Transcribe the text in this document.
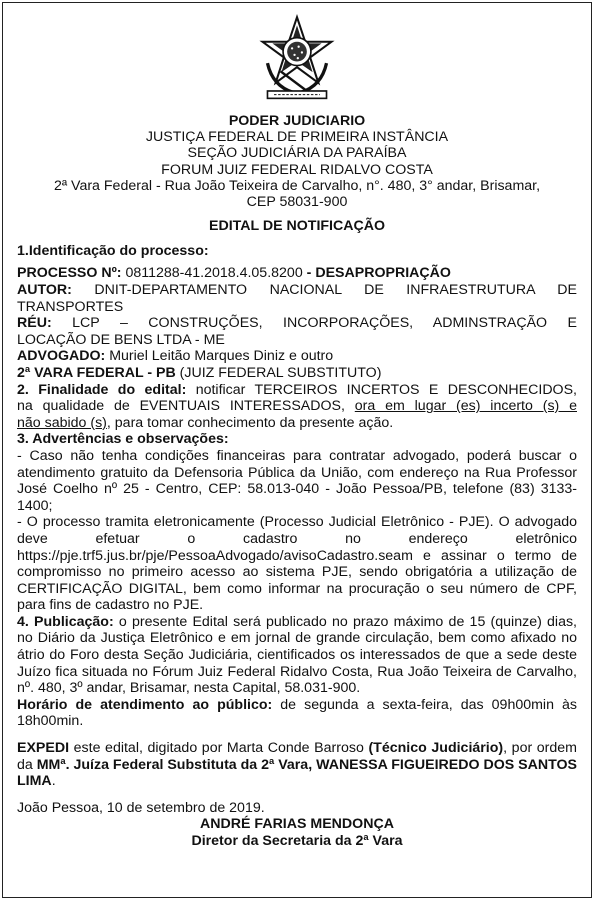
PODER JUDICIARIO
JUSTIÇA FEDERAL DE PRIMEIRA INSTÂNCIA
SEÇÃO JUDICIÁRIA DA PARAÍBA
FORUM JUIZ FEDERAL RIDALVO COSTA
2ª Vara Federal - Rua João Teixeira de Carvalho, n°. 480, 3° andar, Brisamar,
CEP 58031-900
EDITAL DE NOTIFICAÇÃO
1.Identificação do processo:
PROCESSO Nº: 0811288-41.2018.4.05.8200 - DESAPROPRIAÇÃO
AUTOR: DNIT-DEPARTAMENTO NACIONAL DE INFRAESTRUTURA DE
TRANSPORTES
RÉU: LCP – CONSTRUÇÕES, INCORPORAÇÕES, ADMINSTRAÇÃO E
LOCAÇÃO DE BENS LTDA - ME
ADVOGADO: Muriel Leitão Marques Diniz e outro
2ª VARA FEDERAL - PB (JUIZ FEDERAL SUBSTITUTO)
2. Finalidade do edital: notificar TERCEIROS INCERTOS E DESCONHECIDOS,
na qualidade de EVENTUAIS INTERESSADOS, ora em lugar (es) incerto (s) e
não sabido (s), para tomar conhecimento da presente ação.
3. Advertências e observações:
- Caso não tenha condições financeiras para contratar advogado, poderá buscar o atendimento gratuito da Defensoria Pública da União, com endereço na Rua Professor José Coelho nº 25 - Centro, CEP: 58.013-040 - João Pessoa/PB, telefone (83) 3133-1400;
- O processo tramita eletronicamente (Processo Judicial Eletrônico - PJE). O advogado deve efetuar o cadastro no endereço eletrônico https://pje.trf5.jus.br/pje/PessoaAdvogado/avisoCadastro.seam e assinar o termo de compromisso no primeiro acesso ao sistema PJE, sendo obrigatória a utilização de CERTIFICAÇÃO DIGITAL, bem como informar na procuração o seu número de CPF, para fins de cadastro no PJE.
4. Publicação: o presente Edital será publicado no prazo máximo de 15 (quinze) dias, no Diário da Justiça Eletrônico e em jornal de grande circulação, bem como afixado no átrio do Foro desta Seção Judiciária, cientificados os interessados de que a sede deste Juízo fica situada no Fórum Juiz Federal Ridalvo Costa, Rua João Teixeira de Carvalho, nº. 480, 3º andar, Brisamar, nesta Capital, 58.031-900.
Horário de atendimento ao público: de segunda a sexta-feira, das 09h00min às 18h00min.
EXPEDI este edital, digitado por Marta Conde Barroso (Técnico Judiciário), por ordem da MMª. Juíza Federal Substituta da 2ª Vara, WANESSA FIGUEIREDO DOS SANTOS LIMA.
João Pessoa, 10 de setembro de 2019.
ANDRÉ FARIAS MENDONÇA
Diretor da Secretaria da 2ª Vara
